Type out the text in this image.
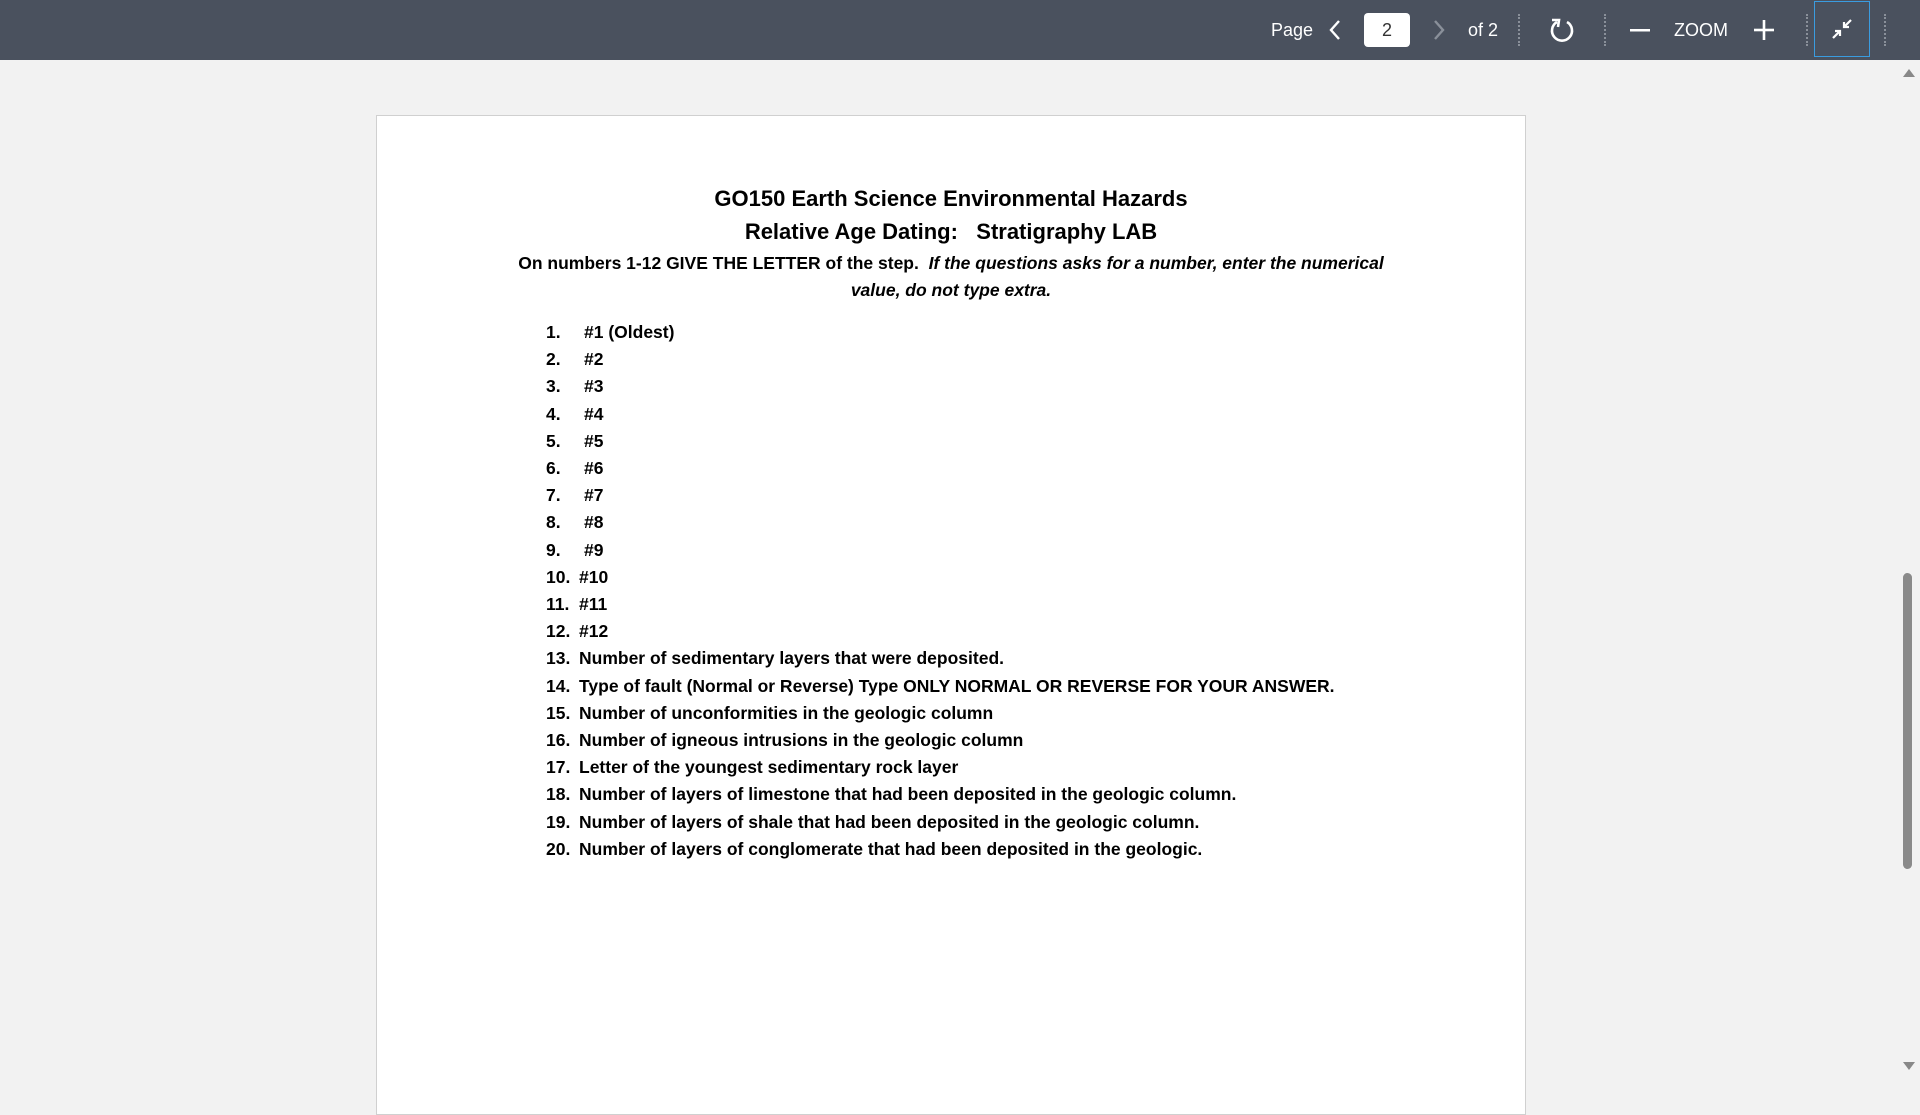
Page
2	of 2	ZOOM
GO150 Earth Science Environmental Hazards
Relative Age Dating:   Stratigraphy LAB
On numbers 1-12 GIVE THE LETTER of the step. If the questions asks for a number, enter the numerical
value, do not type extra.
1. #1 (Oldest)
2. #2
3. #3
4. #4
5. #5
6. #6
7. #7
8. #8
9. #9
10. #10
11. #11
12. #12
13. Number of sedimentary layers that were deposited.
14. Type of fault (Normal or Reverse) Type ONLY NORMAL OR REVERSE FOR YOUR ANSWER.
15. Number of unconformities in the geologic column
16. Number of igneous intrusions in the geologic column
17. Letter of the youngest sedimentary rock layer
18. Number of layers of limestone that had been deposited in the geologic column.
19. Number of layers of shale that had been deposited in the geologic column.
20. Number of layers of conglomerate that had been deposited in the geologic.
